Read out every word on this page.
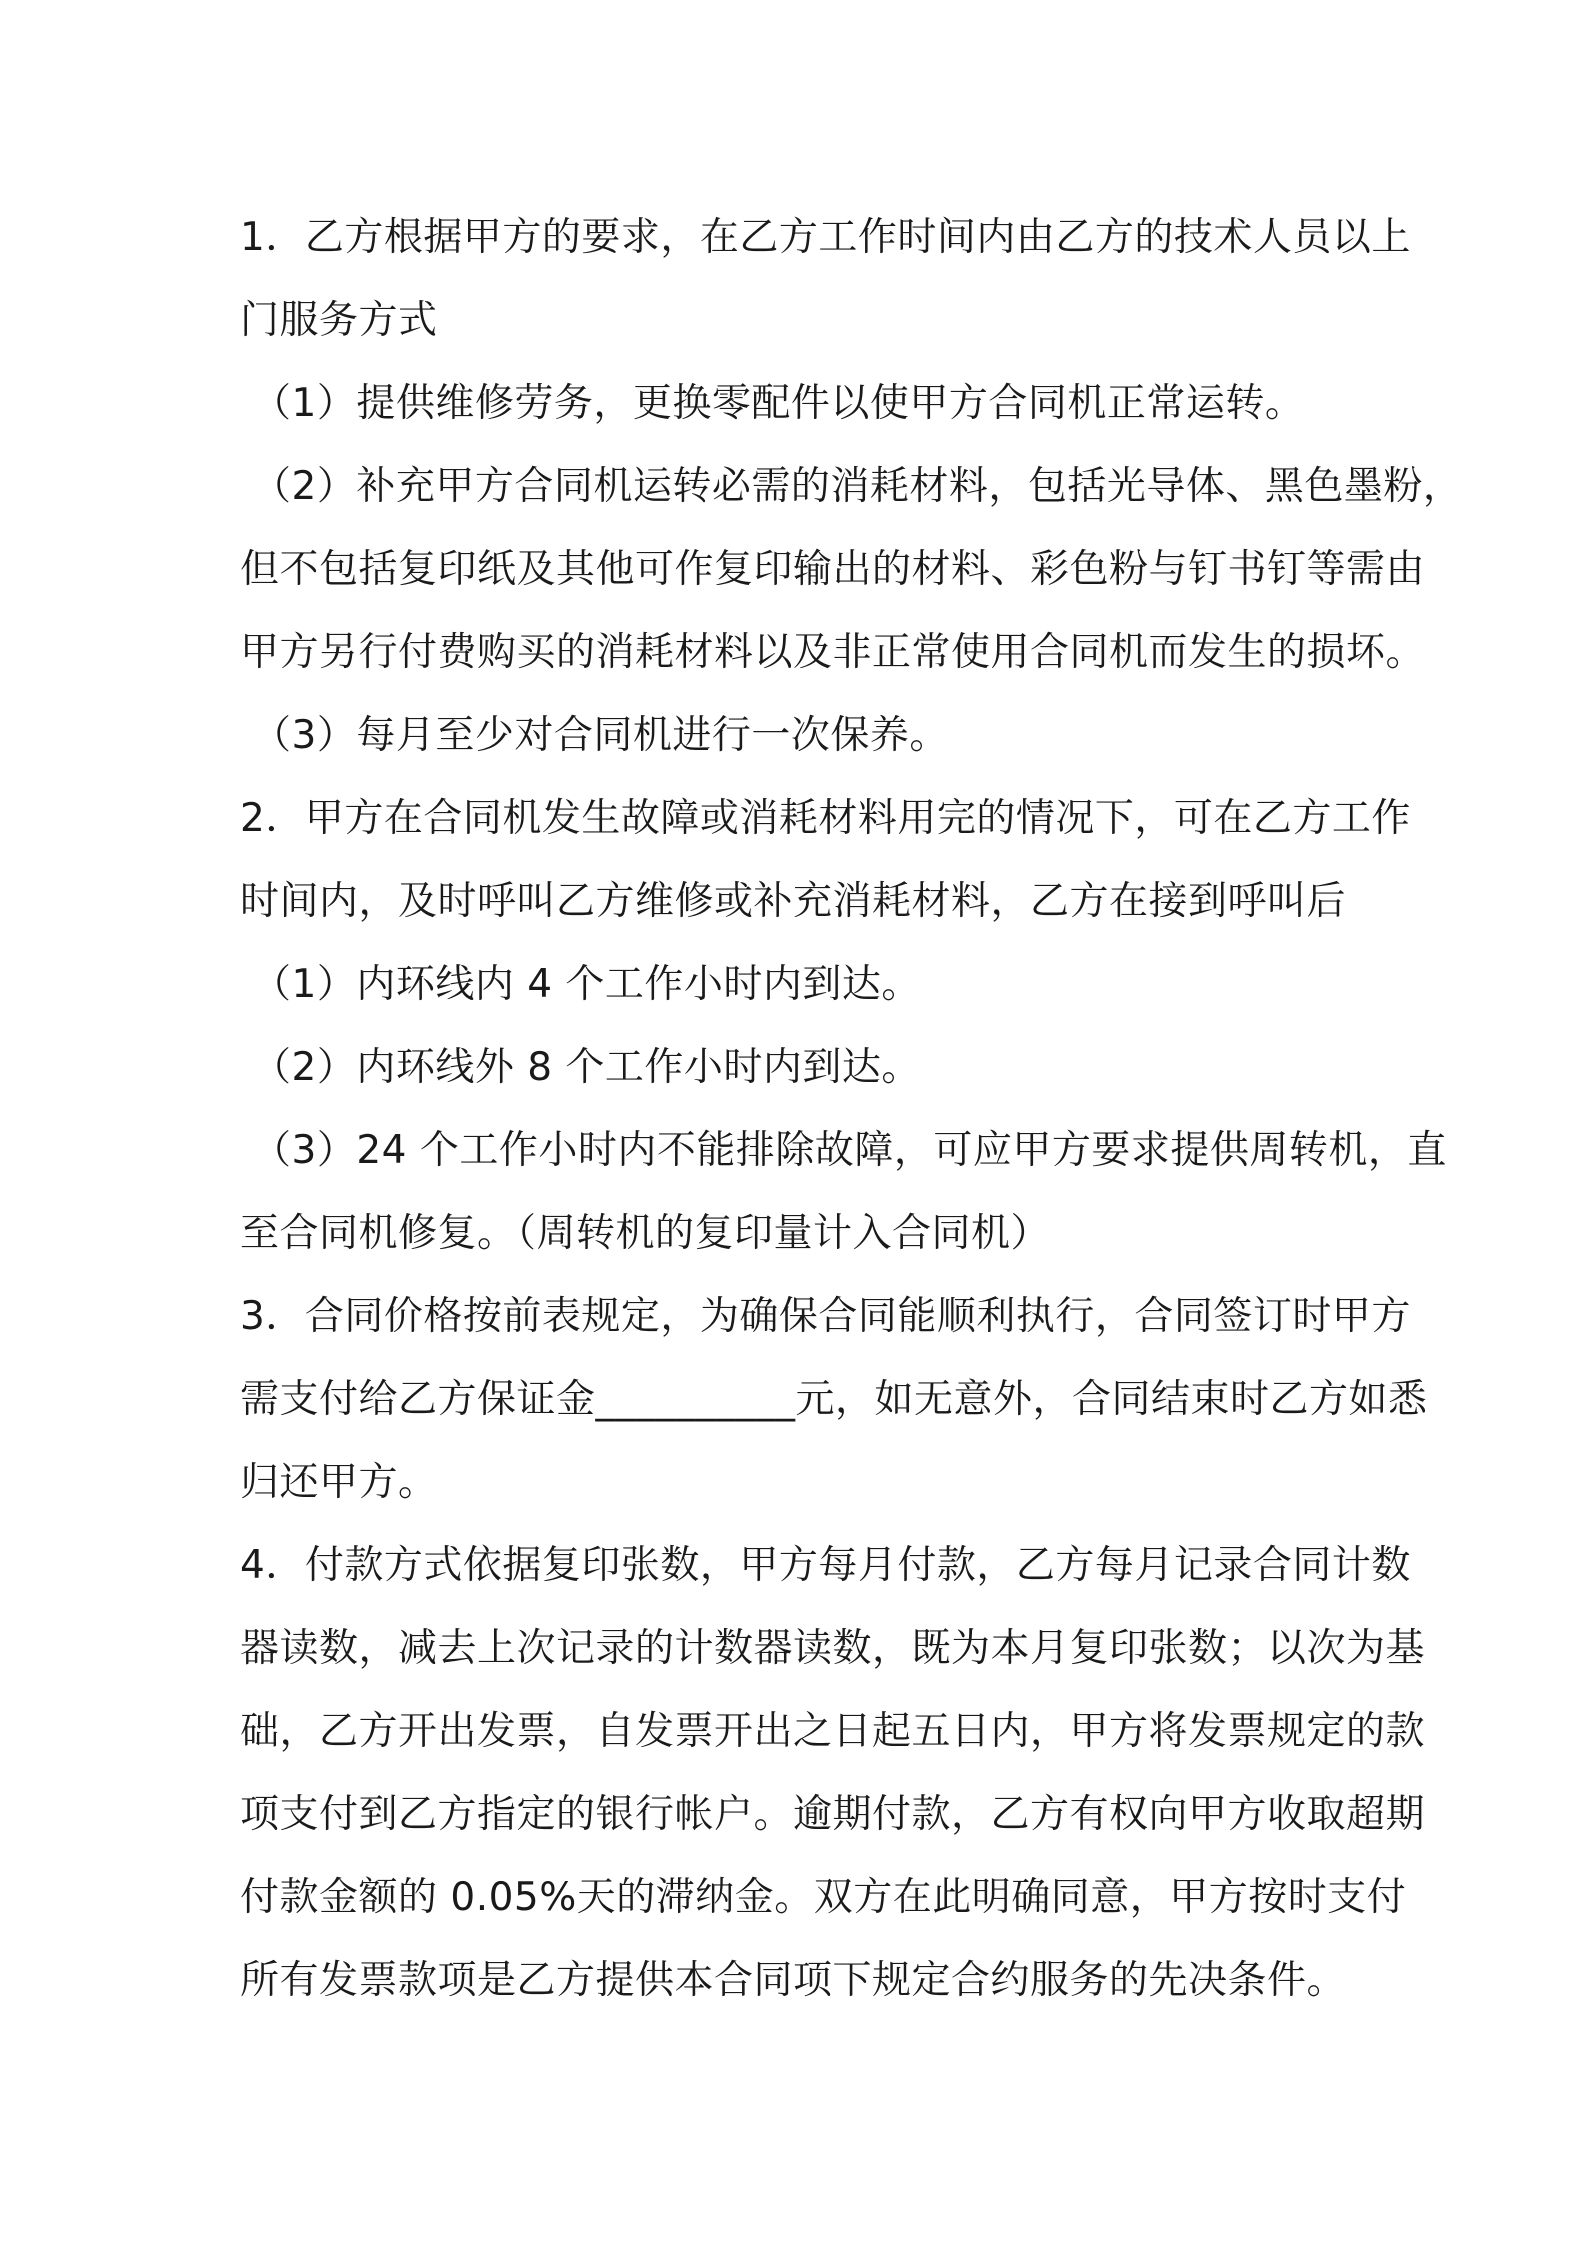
1．乙方根据甲方的要求，在乙方工作时间内由乙方的技术人员以上
门服务方式
（1）提供维修劳务，更换零配件以使甲方合同机正常运转。
（2）补充甲方合同机运转必需的消耗材料，包括光导体、黑色墨粉，
但不包括复印纸及其他可作复印输出的材料、彩色粉与钉书钉等需由
甲方另行付费购买的消耗材料以及非正常使用合同机而发生的损坏。
（3）每月至少对合同机进行一次保养。
2．甲方在合同机发生故障或消耗材料用完的情况下，可在乙方工作
时间内，及时呼叫乙方维修或补充消耗材料，乙方在接到呼叫后
（1）内环线内 4 个工作小时内到达。
（2）内环线外 8 个工作小时内到达。
（3）24 个工作小时内不能排除故障，可应甲方要求提供周转机，直
至合同机修复。（周转机的复印量计入合同机）
3．合同价格按前表规定，为确保合同能顺利执行，合同签订时甲方
需支付给乙方保证金__________元，如无意外，合同结束时乙方如悉
归还甲方。
4．付款方式依据复印张数，甲方每月付款，乙方每月记录合同计数
器读数，减去上次记录的计数器读数，既为本月复印张数；以次为基
础，乙方开出发票，自发票开出之日起五日内，甲方将发票规定的款
项支付到乙方指定的银行帐户。逾期付款，乙方有权向甲方收取超期
付款金额的 0.05%天的滞纳金。双方在此明确同意，甲方按时支付
所有发票款项是乙方提供本合同项下规定合约服务的先决条件。
